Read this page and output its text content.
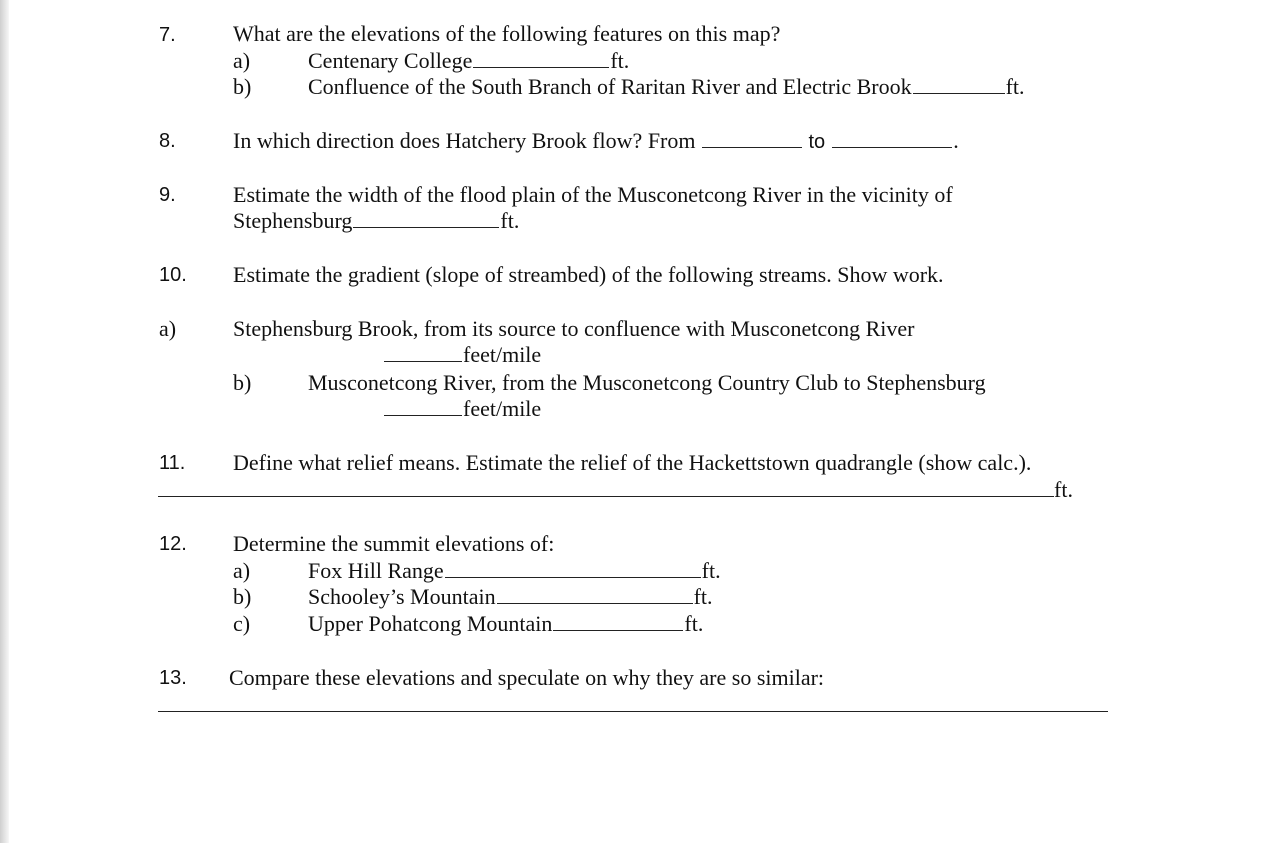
7.	What are the elevations of the following features on this map?
a)	Centenary College	ft.
b)	Confluence of the South Branch of Raritan River and Electric Brook	ft.
8.	In which direction does Hatchery Brook flow? From	to	.
9.	Estimate the width of the flood plain of the Musconetcong River in the vicinity of
Stephensburg	ft.
10. Estimate the gradient (slope of streambed) of the following streams. Show work.
a)	Stephensburg Brook, from its source to confluence with Musconetcong River
feet/mile
b)	Musconetcong River, from the Musconetcong Country Club to Stephensburg
feet/mile
11. Define what relief means. Estimate the relief of the Hackettstown quadrangle (show calc.).
ft.
12. Determine the summit elevations of:
a)	Fox Hill Range	ft.
b)	Schooley’s Mountain	ft.
c)	Upper Pohatcong Mountain	ft.
13. Compare these elevations and speculate on why they are so similar:
